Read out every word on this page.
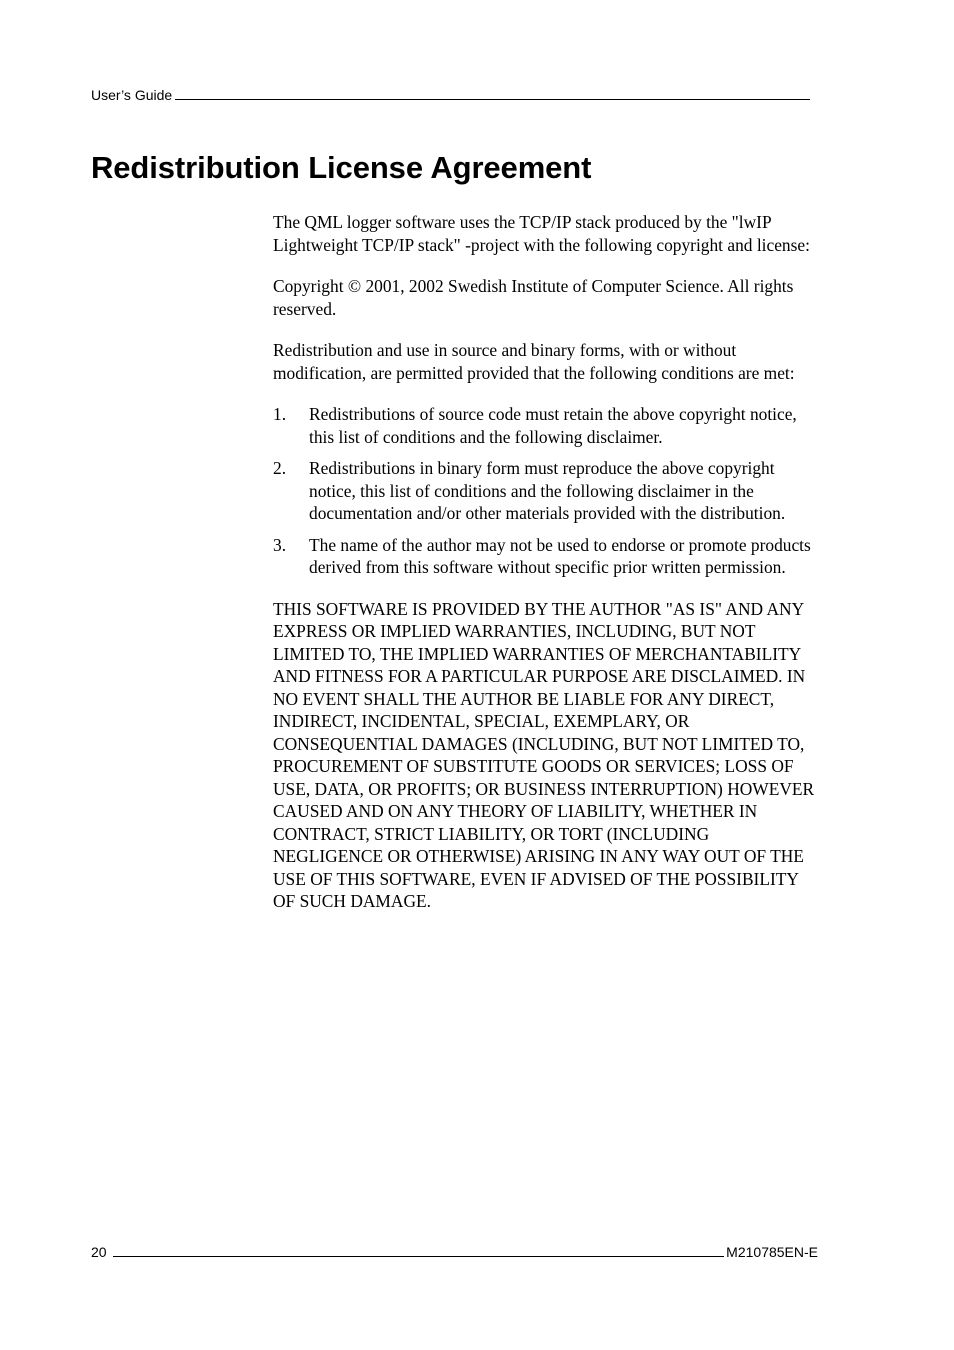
User’s Guide
Redistribution License Agreement

The QML logger software uses the TCP/IP stack produced by the "lwIP Lightweight TCP/IP stack" -project with the following copyright and license:

Copyright © 2001, 2002 Swedish Institute of Computer Science. All rights reserved.

Redistribution and use in source and binary forms, with or without modification, are permitted provided that the following conditions are met:

1.	Redistributions of source code must retain the above copyright notice, this list of conditions and the following disclaimer.
2.	Redistributions in binary form must reproduce the above copyright notice, this list of conditions and the following disclaimer in the documentation and/or other materials provided with the distribution.
3.	The name of the author may not be used to endorse or promote products derived from this software without specific prior written permission.

THIS SOFTWARE IS PROVIDED BY THE AUTHOR "AS IS" AND ANY EXPRESS OR IMPLIED WARRANTIES, INCLUDING, BUT NOT LIMITED TO, THE IMPLIED WARRANTIES OF MERCHANTABILITY AND FITNESS FOR A PARTICULAR PURPOSE ARE DISCLAIMED. IN NO EVENT SHALL THE AUTHOR BE LIABLE FOR ANY DIRECT, INDIRECT, INCIDENTAL, SPECIAL, EXEMPLARY, OR CONSEQUENTIAL DAMAGES (INCLUDING, BUT NOT LIMITED TO, PROCUREMENT OF SUBSTITUTE GOODS OR SERVICES; LOSS OF USE, DATA, OR PROFITS; OR BUSINESS INTERRUPTION) HOWEVER CAUSED AND ON ANY THEORY OF LIABILITY, WHETHER IN CONTRACT, STRICT LIABILITY, OR TORT (INCLUDING NEGLIGENCE OR OTHERWISE) ARISING IN ANY WAY OUT OF THE USE OF THIS SOFTWARE, EVEN IF ADVISED OF THE POSSIBILITY OF SUCH DAMAGE.

20	M210785EN-E
